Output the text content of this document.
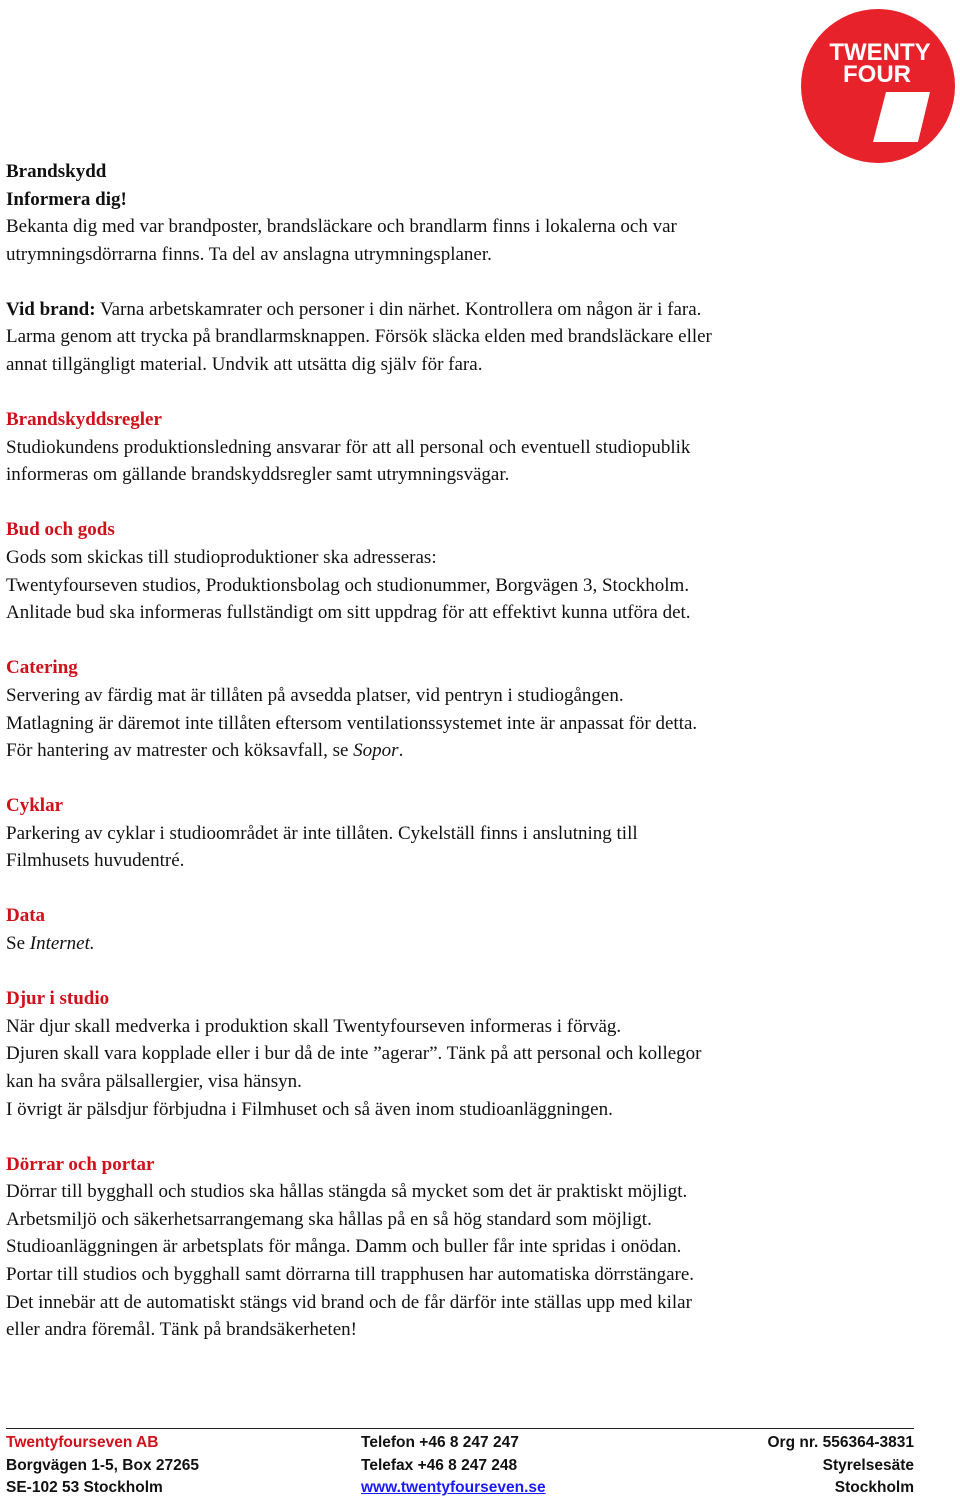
TWENTY
FOUR
Brandskydd
Informera dig!
Bekanta dig med var brandposter, brandsläckare och brandlarm finns i lokalerna och var
utrymningsdörrarna finns. Ta del av anslagna utrymningsplaner.
Vid brand: Varna arbetskamrater och personer i din närhet. Kontrollera om någon är i fara.
Larma genom att trycka på brandlarmsknappen. Försök släcka elden med brandsläckare eller
annat tillgängligt material. Undvik att utsätta dig själv för fara.
Brandskyddsregler
Studiokundens produktionsledning ansvarar för att all personal och eventuell studiopublik
informeras om gällande brandskyddsregler samt utrymningsvägar.
Bud och gods
Gods som skickas till studioproduktioner ska adresseras:
Twentyfourseven studios, Produktionsbolag och studionummer, Borgvägen 3, Stockholm.
Anlitade bud ska informeras fullständigt om sitt uppdrag för att effektivt kunna utföra det.
Catering
Servering av färdig mat är tillåten på avsedda platser, vid pentryn i studiogången.
Matlagning är däremot inte tillåten eftersom ventilationssystemet inte är anpassat för detta.
För hantering av matrester och köksavfall, se Sopor.
Cyklar
Parkering av cyklar i studioområdet är inte tillåten. Cykelställ finns i anslutning till
Filmhusets huvudentré.
Data
Se Internet.
Djur i studio
När djur skall medverka i produktion skall Twentyfourseven informeras i förväg.
Djuren skall vara kopplade eller i bur då de inte ”agerar”. Tänk på att personal och kollegor
kan ha svåra pälsallergier, visa hänsyn.
I övrigt är pälsdjur förbjudna i Filmhuset och så även inom studioanläggningen.
Dörrar och portar
Dörrar till bygghall och studios ska hållas stängda så mycket som det är praktiskt möjligt.
Arbetsmiljö och säkerhetsarrangemang ska hållas på en så hög standard som möjligt.
Studioanläggningen är arbetsplats för många. Damm och buller får inte spridas i onödan.
Portar till studios och bygghall samt dörrarna till trapphusen har automatiska dörrstängare.
Det innebär att de automatiskt stängs vid brand och de får därför inte ställas upp med kilar
eller andra föremål. Tänk på brandsäkerheten!
Twentyfourseven AB	Telefon +46 8 247 247	Org nr. 556364-3831
Borgvägen 1-5, Box 27265	Telefax +46 8 247 248	Styrelsesäte
SE-102 53 Stockholm	www.twentyfourseven.se	Stockholm
